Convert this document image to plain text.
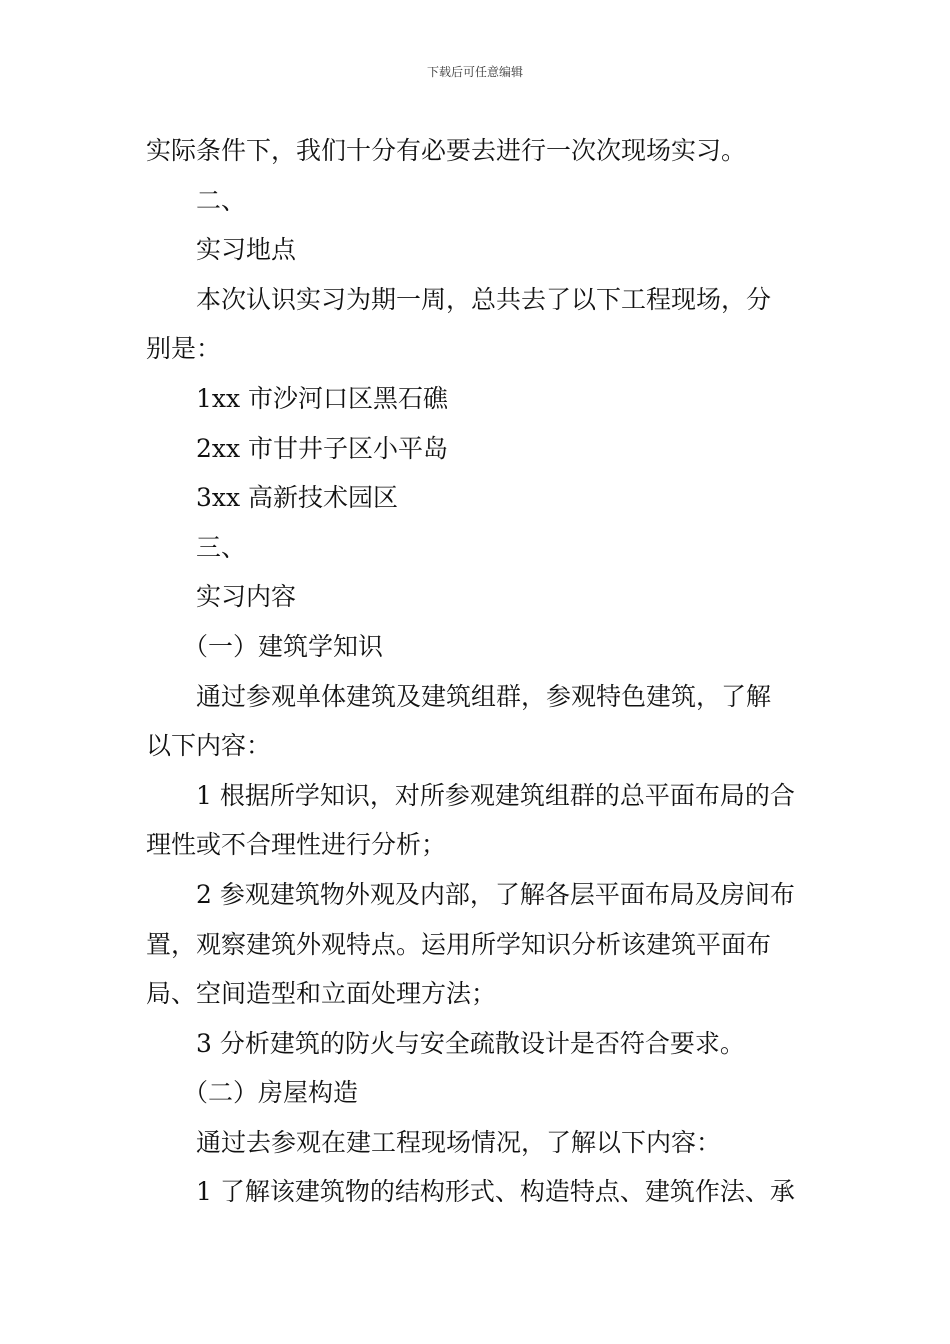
下载后可任意编辑
实际条件下，我们十分有必要去进行一次次现场实习。
二、
实习地点
本次认识实习为期一周，总共去了以下工程现场，分
别是：
1xx 市沙河口区黑石礁
2xx 市甘井子区小平岛
3xx 高新技术园区
三、
实习内容
（一）建筑学知识
通过参观单体建筑及建筑组群，参观特色建筑，了解
以下内容：
1 根据所学知识，对所参观建筑组群的总平面布局的合
理性或不合理性进行分析；
2 参观建筑物外观及内部，了解各层平面布局及房间布
置，观察建筑外观特点。运用所学知识分析该建筑平面布
局、空间造型和立面处理方法；
3 分析建筑的防火与安全疏散设计是否符合要求。
（二）房屋构造
通过去参观在建工程现场情况，了解以下内容：
1 了解该建筑物的结构形式、构造特点、建筑作法、承
